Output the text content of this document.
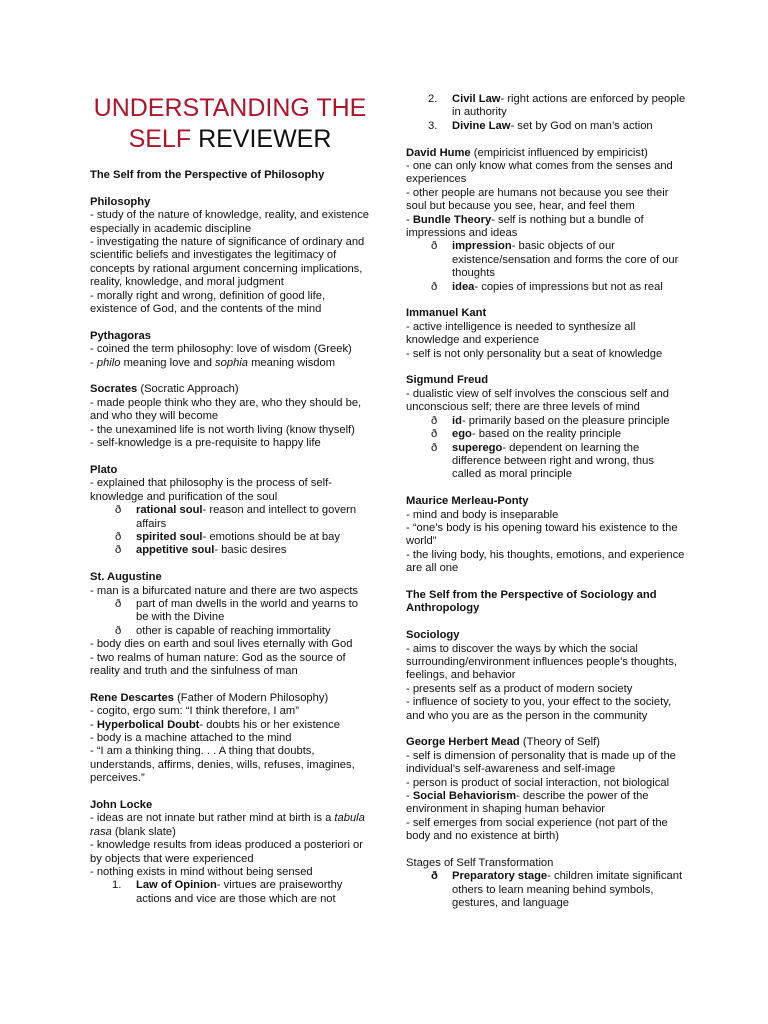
UNDERSTANDING THE SELF REVIEWER
The Self from the Perspective of Philosophy
Philosophy
- study of the nature of knowledge, reality, and existence especially in academic discipline
- investigating the nature of significance of ordinary and scientific beliefs and investigates the legitimacy of concepts by rational argument concerning implications, reality, knowledge, and moral judgment
- morally right and wrong, definition of good life, existence of God, and the contents of the mind
Pythagoras
- coined the term philosophy: love of wisdom (Greek)
- philo meaning love and sophia meaning wisdom
Socrates (Socratic Approach)
- made people think who they are, who they should be, and who they will become
- the unexamined life is not worth living (know thyself)
- self-knowledge is a pre-requisite to happy life
Plato
- explained that philosophy is the process of self-knowledge and purification of the soul
ð rational soul- reason and intellect to govern affairs
ð spirited soul- emotions should be at bay
ð appetitive soul- basic desires
St. Augustine
- man is a bifurcated nature and there are two aspects
ð part of man dwells in the world and yearns to be with the Divine
ð other is capable of reaching immortality
- body dies on earth and soul lives eternally with God
- two realms of human nature: God as the source of reality and truth and the sinfulness of man
Rene Descartes (Father of Modern Philosophy)
- cogito, ergo sum: “I think therefore, I am”
- Hyperbolical Doubt- doubts his or her existence
- body is a machine attached to the mind
- “I am a thinking thing. . . A thing that doubts, understands, affirms, denies, wills, refuses, imagines, perceives.”
John Locke
- ideas are not innate but rather mind at birth is a tabula rasa (blank slate)
- knowledge results from ideas produced a posteriori or by objects that were experienced
- nothing exists in mind without being sensed
1. Law of Opinion- virtues are praiseworthy actions and vice are those which are not
2. Civil Law- right actions are enforced by people in authority
3. Divine Law- set by God on man’s action
David Hume (empiricist influenced by empiricist)
- one can only know what comes from the senses and experiences
- other people are humans not because you see their soul but because you see, hear, and feel them
- Bundle Theory- self is nothing but a bundle of impressions and ideas
ð impression- basic objects of our existence/sensation and forms the core of our thoughts
ð idea- copies of impressions but not as real
Immanuel Kant
- active intelligence is needed to synthesize all knowledge and experience
- self is not only personality but a seat of knowledge
Sigmund Freud
- dualistic view of self involves the conscious self and unconscious self; there are three levels of mind
ð id- primarily based on the pleasure principle
ð ego- based on the reality principle
ð superego- dependent on learning the difference between right and wrong, thus called as moral principle
Maurice Merleau-Ponty
- mind and body is inseparable
- “one’s body is his opening toward his existence to the world”
- the living body, his thoughts, emotions, and experience are all one
The Self from the Perspective of Sociology and Anthropology
Sociology
- aims to discover the ways by which the social surrounding/environment influences people’s thoughts, feelings, and behavior
- presents self as a product of modern society
- influence of society to you, your effect to the society, and who you are as the person in the community
George Herbert Mead (Theory of Self)
- self is dimension of personality that is made up of the individual’s self-awareness and self-image
- person is product of social interaction, not biological
- Social Behaviorism- describe the power of the environment in shaping human behavior
- self emerges from social experience (not part of the body and no existence at birth)
Stages of Self Transformation
ð Preparatory stage- children imitate significant others to learn meaning behind symbols, gestures, and language
